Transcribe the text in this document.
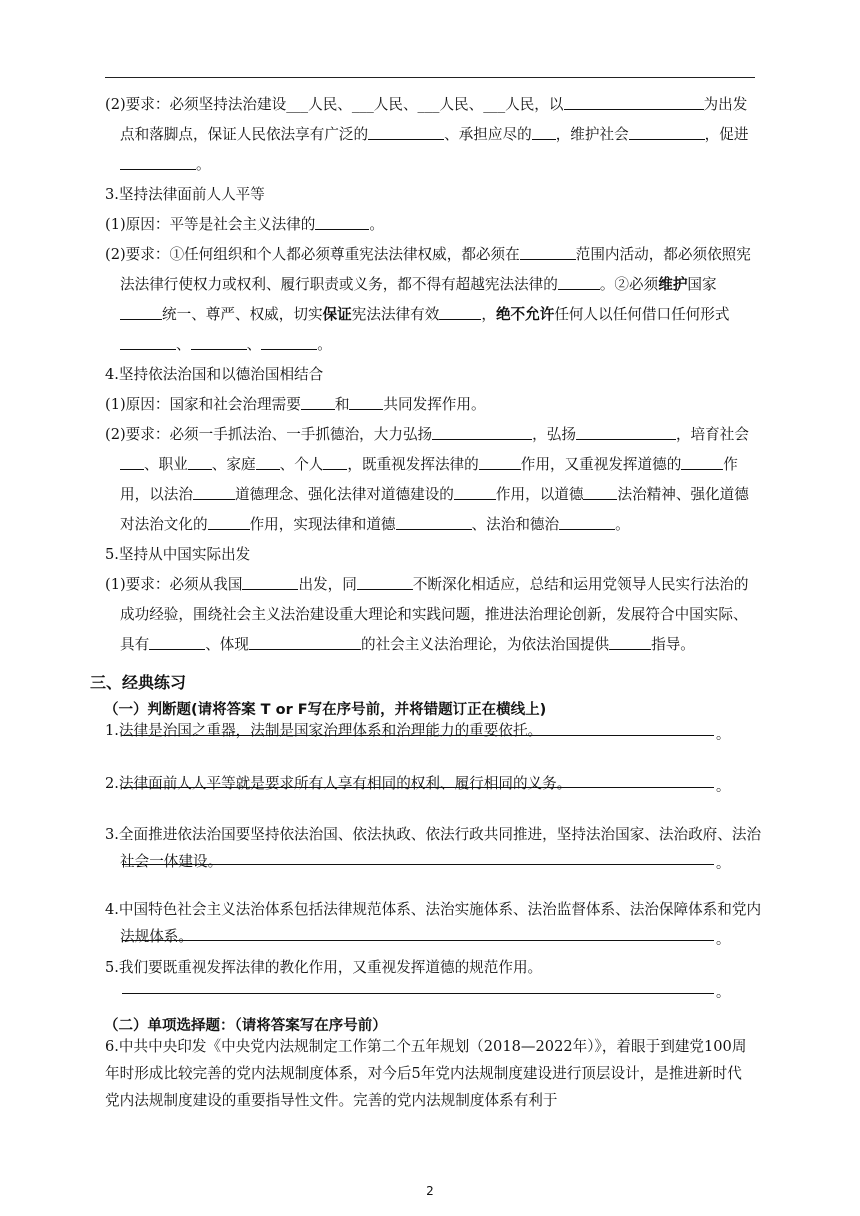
(2)要求：必须坚持法治建设___人民、___人民、___人民、___人民，以	为出发点和落脚点，保证人民依法享有广泛的	、承担应尽的 ，维护社会	，促进。

3.坚持法律面前人人平等

(1)原因：平等是社会主义法律的	。

(2)要求：①任何组织和个人都必须尊重宪法法律权威，都必须在	范围内活动，都必须依照宪法法律行使权力或权利、履行职责或义务，都不得有超越宪法法律的	。②必须维护国家统一、尊严、权威，切实保证宪法法律有效	，绝不允许任何人以任何借口任何形式、	、	。

4.坚持依法治国和以德治国相结合

(1)原因：国家和社会治理需要 和 共同发挥作用。

(2)要求：必须一手抓法治、一手抓德治，大力弘扬	，弘扬	，培育社会、职业 、家庭 、个人 ，既重视发挥法律的	作用，又重视发挥道德的	作用，以法治	道德理念、强化法律对道德建设的	作用，以道德 法治精神、强化道德对法治文化的	作用，实现法律和道德	、法治和德治	。

5.坚持从中国实际出发

(1)要求：必须从我国	出发，同	不断深化相适应，总结和运用党领导人民实行法治的成功经验，围绕社会主义法治建设重大理论和实践问题，推进法治理论创新，发展符合中国实际、具有	、体现	的社会主义法治理论，为依法治国提供	指导。

三、经典练习

（一）判断题(请将答案 T or F写在序号前，并将错题订正在横线上)

1.法律是治国之重器，法制是国家治理体系和治理能力的重要依托。	。

2.法律面前人人平等就是要求所有人享有相同的权利、履行相同的义务。	。

3.全面推进依法治国要坚持依法治国、依法执政、依法行政共同推进，坚持法治国家、法治政府、法治社会一体建设。	。

4.中国特色社会主义法治体系包括法律规范体系、法治实施体系、法治监督体系、法治保障体系和党内法规体系。	。

5.我们要既重视发挥法律的教化作用，又重视发挥道德的规范作用。

。

（二）单项选择题：（请将答案写在序号前）

6.中共中央印发《中央党内法规制定工作第二个五年规划（2018—2022年）》，着眼于到建党100周年时形成比较完善的党内法规制度体系，对今后5年党内法规制度建设进行顶层设计，是推进新时代党内法规制度建设的重要指导性文件。完善的党内法规制度体系有利于

2
